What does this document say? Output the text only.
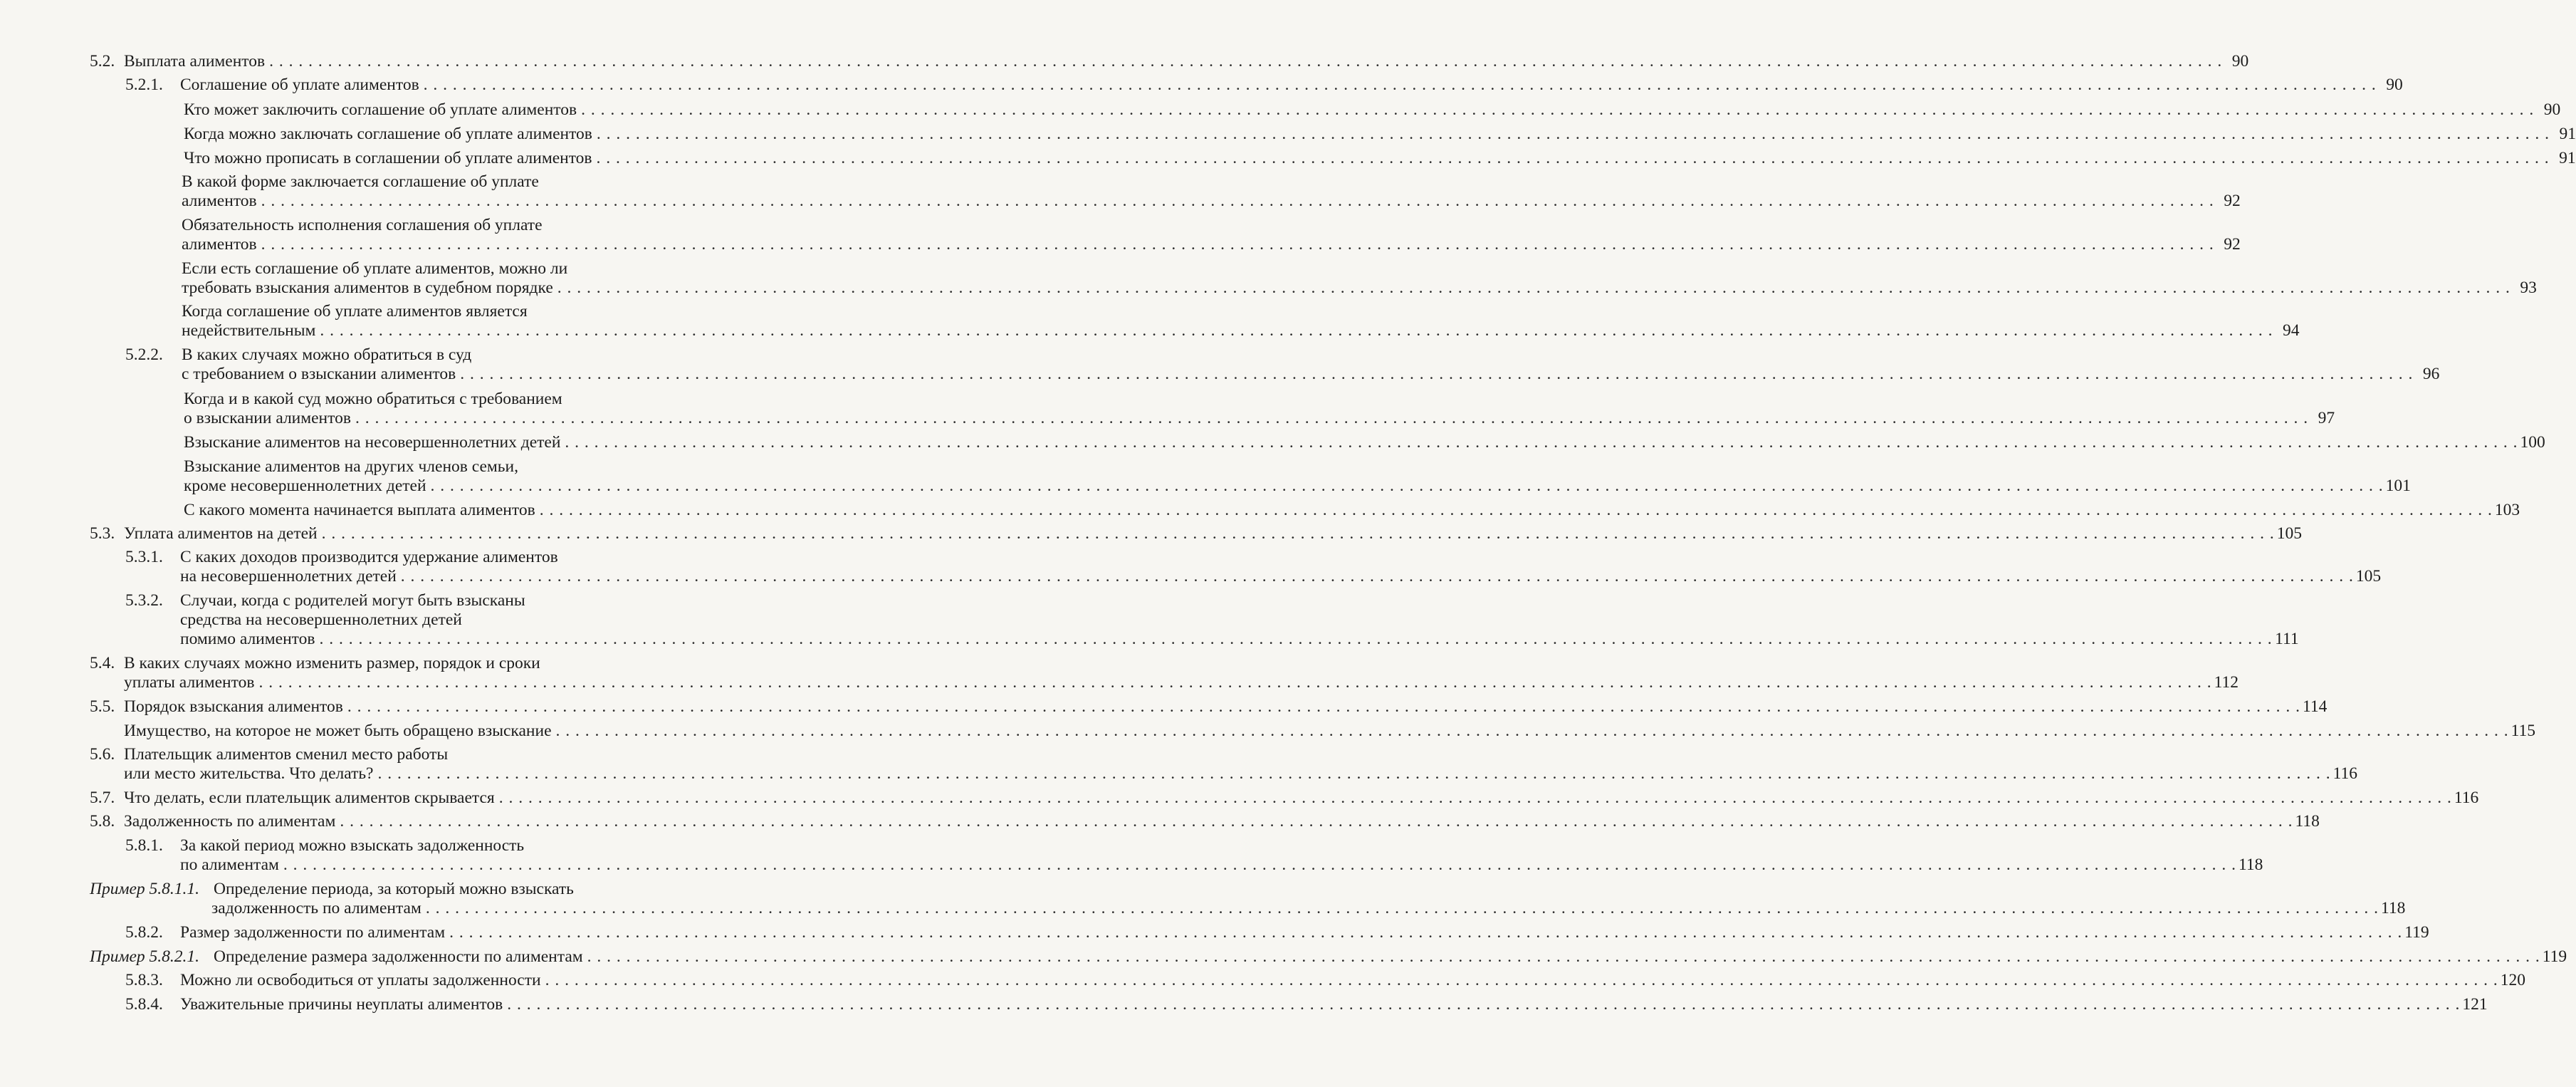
5.2. Выплата алиментов . . . . . . . . . . . . . . . . . . . . . . . . . . . . . . . . . . . . . . . . . . . . . . . . . . . . . . . . . . . . . . . . . . . . . . . . . . . . . . . . . . . . . . . . . . . . . . . . . . . . . . . . . . . . . . . . . . . . . . . . . . . . . . . . . . . . . . . . . . . . . . . . . . . . . . . . . . . . . . . . . . . . . . . . . . . . . . . . . . . . . . . . . . . . . . . . . . . . . . . . 90
5.2.1. Соглашение об уплате алиментов . . . . . . . . . . . . . . . . . . . . . . . . . . . . . . . . . . . . . . . . . . . . . . . . . . . . . . . . . . . . . . . . . . . . . . . . . . . . . . . . . . . . . . . . . . . . . . . . . . . . . . . . . . . . . . . . . . . . . . . . . . . . . . . . . . . . . . . . . . . . . . . . . . . . . . . . . . . . . . . . . . . . . . . . . . . . . . . . . . . . . . . . . . . . . . . . . . . . . . . . 90
Кто может заключить соглашение об уплате алиментов . . . . . . . . . . . . . . . . . . . . . . . . . . . . . . . . . . . . . . . . . . . . . . . . . . . . . . . . . . . . . . . . . . . . . . . . . . . . . . . . . . . . . . . . . . . . . . . . . . . . . . . . . . . . . . . . . . . . . . . . . . . . . . . . . . . . . . . . . . . . . . . . . . . . . . . . . . . . . . . . . . . . . . . . . . . . . . . . . . . . . . . . . . . . . . . . . . . . . . . . 90
Когда можно заключать соглашение об уплате алиментов . . . . . . . . . . . . . . . . . . . . . . . . . . . . . . . . . . . . . . . . . . . . . . . . . . . . . . . . . . . . . . . . . . . . . . . . . . . . . . . . . . . . . . . . . . . . . . . . . . . . . . . . . . . . . . . . . . . . . . . . . . . . . . . . . . . . . . . . . . . . . . . . . . . . . . . . . . . . . . . . . . . . . . . . . . . . . . . . . . . . . . . . . . . . . . . . . . . . . . . . 91
Что можно прописать в соглашении об уплате алиментов . . . . . . . . . . . . . . . . . . . . . . . . . . . . . . . . . . . . . . . . . . . . . . . . . . . . . . . . . . . . . . . . . . . . . . . . . . . . . . . . . . . . . . . . . . . . . . . . . . . . . . . . . . . . . . . . . . . . . . . . . . . . . . . . . . . . . . . . . . . . . . . . . . . . . . . . . . . . . . . . . . . . . . . . . . . . . . . . . . . . . . . . . . . . . . . . . . . . . . . . 91
В какой форме заключается соглашение об уплате
алиментов . . . . . . . . . . . . . . . . . . . . . . . . . . . . . . . . . . . . . . . . . . . . . . . . . . . . . . . . . . . . . . . . . . . . . . . . . . . . . . . . . . . . . . . . . . . . . . . . . . . . . . . . . . . . . . . . . . . . . . . . . . . . . . . . . . . . . . . . . . . . . . . . . . . . . . . . . . . . . . . . . . . . . . . . . . . . . . . . . . . . . . . . . . . . . . . . . . . . . . . . 92
Обязательность исполнения соглашения об уплате
алиментов . . . . . . . . . . . . . . . . . . . . . . . . . . . . . . . . . . . . . . . . . . . . . . . . . . . . . . . . . . . . . . . . . . . . . . . . . . . . . . . . . . . . . . . . . . . . . . . . . . . . . . . . . . . . . . . . . . . . . . . . . . . . . . . . . . . . . . . . . . . . . . . . . . . . . . . . . . . . . . . . . . . . . . . . . . . . . . . . . . . . . . . . . . . . . . . . . . . . . . . . 92
Если есть соглашение об уплате алиментов, можно ли
требовать взыскания алиментов в судебном порядке . . . . . . . . . . . . . . . . . . . . . . . . . . . . . . . . . . . . . . . . . . . . . . . . . . . . . . . . . . . . . . . . . . . . . . . . . . . . . . . . . . . . . . . . . . . . . . . . . . . . . . . . . . . . . . . . . . . . . . . . . . . . . . . . . . . . . . . . . . . . . . . . . . . . . . . . . . . . . . . . . . . . . . . . . . . . . . . . . . . . . . . . . . . . . . . . . . . . . . . . 93
Когда соглашение об уплате алиментов является
недействительным . . . . . . . . . . . . . . . . . . . . . . . . . . . . . . . . . . . . . . . . . . . . . . . . . . . . . . . . . . . . . . . . . . . . . . . . . . . . . . . . . . . . . . . . . . . . . . . . . . . . . . . . . . . . . . . . . . . . . . . . . . . . . . . . . . . . . . . . . . . . . . . . . . . . . . . . . . . . . . . . . . . . . . . . . . . . . . . . . . . . . . . . . . . . . . . . . . . . . . . . 94
5.2.2. В каких случаях можно обратиться в суд
с требованием о взыскании алиментов . . . . . . . . . . . . . . . . . . . . . . . . . . . . . . . . . . . . . . . . . . . . . . . . . . . . . . . . . . . . . . . . . . . . . . . . . . . . . . . . . . . . . . . . . . . . . . . . . . . . . . . . . . . . . . . . . . . . . . . . . . . . . . . . . . . . . . . . . . . . . . . . . . . . . . . . . . . . . . . . . . . . . . . . . . . . . . . . . . . . . . . . . . . . . . . . . . . . . . . . 96
Когда и в какой суд можно обратиться с требованием
о взыскании алиментов . . . . . . . . . . . . . . . . . . . . . . . . . . . . . . . . . . . . . . . . . . . . . . . . . . . . . . . . . . . . . . . . . . . . . . . . . . . . . . . . . . . . . . . . . . . . . . . . . . . . . . . . . . . . . . . . . . . . . . . . . . . . . . . . . . . . . . . . . . . . . . . . . . . . . . . . . . . . . . . . . . . . . . . . . . . . . . . . . . . . . . . . . . . . . . . . . . . . . . . . 97
Взыскание алиментов на несовершеннолетних детей . . . . . . . . . . . . . . . . . . . . . . . . . . . . . . . . . . . . . . . . . . . . . . . . . . . . . . . . . . . . . . . . . . . . . . . . . . . . . . . . . . . . . . . . . . . . . . . . . . . . . . . . . . . . . . . . . . . . . . . . . . . . . . . . . . . . . . . . . . . . . . . . . . . . . . . . . . . . . . . . . . . . . . . . . . . . . . . . . . . . . . . . . . . . . . . . . . . . . . . . 100
Взыскание алиментов на других членов семьи,
кроме несовершеннолетних детей . . . . . . . . . . . . . . . . . . . . . . . . . . . . . . . . . . . . . . . . . . . . . . . . . . . . . . . . . . . . . . . . . . . . . . . . . . . . . . . . . . . . . . . . . . . . . . . . . . . . . . . . . . . . . . . . . . . . . . . . . . . . . . . . . . . . . . . . . . . . . . . . . . . . . . . . . . . . . . . . . . . . . . . . . . . . . . . . . . . . . . . . . . . . . . . . . . . . . . . . 101
С какого момента начинается выплата алиментов . . . . . . . . . . . . . . . . . . . . . . . . . . . . . . . . . . . . . . . . . . . . . . . . . . . . . . . . . . . . . . . . . . . . . . . . . . . . . . . . . . . . . . . . . . . . . . . . . . . . . . . . . . . . . . . . . . . . . . . . . . . . . . . . . . . . . . . . . . . . . . . . . . . . . . . . . . . . . . . . . . . . . . . . . . . . . . . . . . . . . . . . . . . . . . . . . . . . . . . . 103
5.3. Уплата алиментов на детей . . . . . . . . . . . . . . . . . . . . . . . . . . . . . . . . . . . . . . . . . . . . . . . . . . . . . . . . . . . . . . . . . . . . . . . . . . . . . . . . . . . . . . . . . . . . . . . . . . . . . . . . . . . . . . . . . . . . . . . . . . . . . . . . . . . . . . . . . . . . . . . . . . . . . . . . . . . . . . . . . . . . . . . . . . . . . . . . . . . . . . . . . . . . . . . . . . . . . . . . 105
5.3.1. С каких доходов производится удержание алиментов
на несовершеннолетних детей . . . . . . . . . . . . . . . . . . . . . . . . . . . . . . . . . . . . . . . . . . . . . . . . . . . . . . . . . . . . . . . . . . . . . . . . . . . . . . . . . . . . . . . . . . . . . . . . . . . . . . . . . . . . . . . . . . . . . . . . . . . . . . . . . . . . . . . . . . . . . . . . . . . . . . . . . . . . . . . . . . . . . . . . . . . . . . . . . . . . . . . . . . . . . . . . . . . . . . . . 105
5.3.2. Случаи, когда с родителей могут быть взысканы
средства на несовершеннолетних детей
помимо алиментов . . . . . . . . . . . . . . . . . . . . . . . . . . . . . . . . . . . . . . . . . . . . . . . . . . . . . . . . . . . . . . . . . . . . . . . . . . . . . . . . . . . . . . . . . . . . . . . . . . . . . . . . . . . . . . . . . . . . . . . . . . . . . . . . . . . . . . . . . . . . . . . . . . . . . . . . . . . . . . . . . . . . . . . . . . . . . . . . . . . . . . . . . . . . . . . . . . . . . . . . 111
5.4. В каких случаях можно изменить размер, порядок и сроки
уплаты алиментов . . . . . . . . . . . . . . . . . . . . . . . . . . . . . . . . . . . . . . . . . . . . . . . . . . . . . . . . . . . . . . . . . . . . . . . . . . . . . . . . . . . . . . . . . . . . . . . . . . . . . . . . . . . . . . . . . . . . . . . . . . . . . . . . . . . . . . . . . . . . . . . . . . . . . . . . . . . . . . . . . . . . . . . . . . . . . . . . . . . . . . . . . . . . . . . . . . . . . . . . 112
5.5. Порядок взыскания алиментов . . . . . . . . . . . . . . . . . . . . . . . . . . . . . . . . . . . . . . . . . . . . . . . . . . . . . . . . . . . . . . . . . . . . . . . . . . . . . . . . . . . . . . . . . . . . . . . . . . . . . . . . . . . . . . . . . . . . . . . . . . . . . . . . . . . . . . . . . . . . . . . . . . . . . . . . . . . . . . . . . . . . . . . . . . . . . . . . . . . . . . . . . . . . . . . . . . . . . . . . 114
Имущество, на которое не может быть обращено взыскание . . . . . . . . . . . . . . . . . . . . . . . . . . . . . . . . . . . . . . . . . . . . . . . . . . . . . . . . . . . . . . . . . . . . . . . . . . . . . . . . . . . . . . . . . . . . . . . . . . . . . . . . . . . . . . . . . . . . . . . . . . . . . . . . . . . . . . . . . . . . . . . . . . . . . . . . . . . . . . . . . . . . . . . . . . . . . . . . . . . . . . . . . . . . . . . . . . . . . . . . 115
5.6. Плательщик алиментов сменил место работы
или место жительства. Что делать? . . . . . . . . . . . . . . . . . . . . . . . . . . . . . . . . . . . . . . . . . . . . . . . . . . . . . . . . . . . . . . . . . . . . . . . . . . . . . . . . . . . . . . . . . . . . . . . . . . . . . . . . . . . . . . . . . . . . . . . . . . . . . . . . . . . . . . . . . . . . . . . . . . . . . . . . . . . . . . . . . . . . . . . . . . . . . . . . . . . . . . . . . . . . . . . . . . . . . . . . 116
5.7. Что делать, если плательщик алиментов скрывается . . . . . . . . . . . . . . . . . . . . . . . . . . . . . . . . . . . . . . . . . . . . . . . . . . . . . . . . . . . . . . . . . . . . . . . . . . . . . . . . . . . . . . . . . . . . . . . . . . . . . . . . . . . . . . . . . . . . . . . . . . . . . . . . . . . . . . . . . . . . . . . . . . . . . . . . . . . . . . . . . . . . . . . . . . . . . . . . . . . . . . . . . . . . . . . . . . . . . . . . 116
5.8. Задолженность по алиментам . . . . . . . . . . . . . . . . . . . . . . . . . . . . . . . . . . . . . . . . . . . . . . . . . . . . . . . . . . . . . . . . . . . . . . . . . . . . . . . . . . . . . . . . . . . . . . . . . . . . . . . . . . . . . . . . . . . . . . . . . . . . . . . . . . . . . . . . . . . . . . . . . . . . . . . . . . . . . . . . . . . . . . . . . . . . . . . . . . . . . . . . . . . . . . . . . . . . . . . . 118
5.8.1. За какой период можно взыскать задолженность
по алиментам . . . . . . . . . . . . . . . . . . . . . . . . . . . . . . . . . . . . . . . . . . . . . . . . . . . . . . . . . . . . . . . . . . . . . . . . . . . . . . . . . . . . . . . . . . . . . . . . . . . . . . . . . . . . . . . . . . . . . . . . . . . . . . . . . . . . . . . . . . . . . . . . . . . . . . . . . . . . . . . . . . . . . . . . . . . . . . . . . . . . . . . . . . . . . . . . . . . . . . . . 118
Пример 5.8.1.1. Определение периода, за который можно взыскать
задолженность по алиментам . . . . . . . . . . . . . . . . . . . . . . . . . . . . . . . . . . . . . . . . . . . . . . . . . . . . . . . . . . . . . . . . . . . . . . . . . . . . . . . . . . . . . . . . . . . . . . . . . . . . . . . . . . . . . . . . . . . . . . . . . . . . . . . . . . . . . . . . . . . . . . . . . . . . . . . . . . . . . . . . . . . . . . . . . . . . . . . . . . . . . . . . . . . . . . . . . . . . . . . . 118
5.8.2. Размер задолженности по алиментам . . . . . . . . . . . . . . . . . . . . . . . . . . . . . . . . . . . . . . . . . . . . . . . . . . . . . . . . . . . . . . . . . . . . . . . . . . . . . . . . . . . . . . . . . . . . . . . . . . . . . . . . . . . . . . . . . . . . . . . . . . . . . . . . . . . . . . . . . . . . . . . . . . . . . . . . . . . . . . . . . . . . . . . . . . . . . . . . . . . . . . . . . . . . . . . . . . . . . . . . 119
Пример 5.8.2.1. Определение размера задолженности по алиментам . . . . . . . . . . . . . . . . . . . . . . . . . . . . . . . . . . . . . . . . . . . . . . . . . . . . . . . . . . . . . . . . . . . . . . . . . . . . . . . . . . . . . . . . . . . . . . . . . . . . . . . . . . . . . . . . . . . . . . . . . . . . . . . . . . . . . . . . . . . . . . . . . . . . . . . . . . . . . . . . . . . . . . . . . . . . . . . . . . . . . . . . . . . . . . . . . . . . . . . . 119
5.8.3. Можно ли освободиться от уплаты задолженности . . . . . . . . . . . . . . . . . . . . . . . . . . . . . . . . . . . . . . . . . . . . . . . . . . . . . . . . . . . . . . . . . . . . . . . . . . . . . . . . . . . . . . . . . . . . . . . . . . . . . . . . . . . . . . . . . . . . . . . . . . . . . . . . . . . . . . . . . . . . . . . . . . . . . . . . . . . . . . . . . . . . . . . . . . . . . . . . . . . . . . . . . . . . . . . . . . . . . . . . 120
5.8.4. Уважительные причины неуплаты алиментов . . . . . . . . . . . . . . . . . . . . . . . . . . . . . . . . . . . . . . . . . . . . . . . . . . . . . . . . . . . . . . . . . . . . . . . . . . . . . . . . . . . . . . . . . . . . . . . . . . . . . . . . . . . . . . . . . . . . . . . . . . . . . . . . . . . . . . . . . . . . . . . . . . . . . . . . . . . . . . . . . . . . . . . . . . . . . . . . . . . . . . . . . . . . . . . . . . . . . . . . 121
